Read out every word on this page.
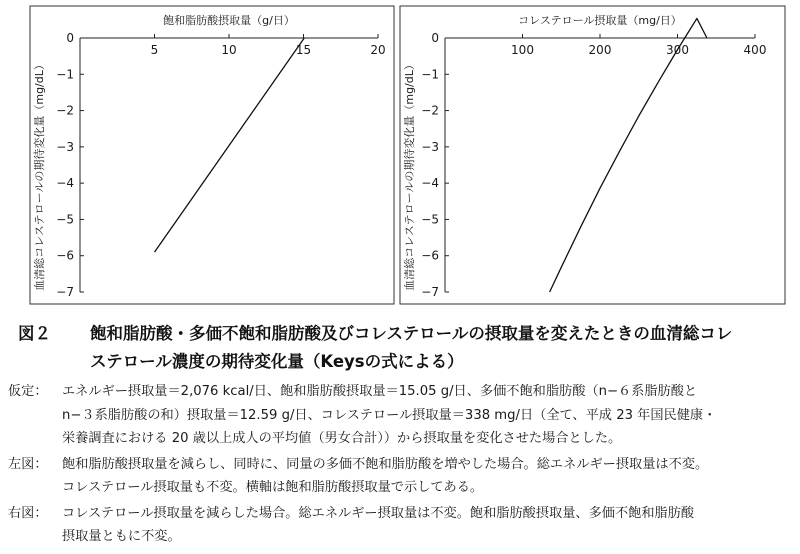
飽和脂肪酸摂取量（g/日）
5	10	15	20
0
−1
−2
−3
−4
−5
−6
−7
血清総コレステロールの期待変化量（mg/dL）
コレステロール摂取量（mg/日）
100	200	300	400
0
−1
−2
−3
−4
−5
−6
−7
血清総コレステロールの期待変化量（mg/dL）
図２ 飽和脂肪酸・多価不飽和脂肪酸及びコレステロールの摂取量を変えたときの血清総コレ
ステロール濃度の期待変化量（Keysの式による）
仮定：	エネルギー摂取量＝2,076 kcal/日、飽和脂肪酸摂取量＝15.05 g/日、多価不飽和脂肪酸（n−６系脂肪酸と
n−３系脂肪酸の和）摂取量＝12.59 g/日、コレステロール摂取量＝338 mg/日（全て、平成 23 年国民健康・
栄養調査における 20 歳以上成人の平均値（男女合計））から摂取量を変化させた場合とした。
左図：	飽和脂肪酸摂取量を減らし、同時に、同量の多価不飽和脂肪酸を増やした場合。総エネルギー摂取量は不変。
コレステロール摂取量も不変。横軸は飽和脂肪酸摂取量で示してある。
右図：	コレステロール摂取量を減らした場合。総エネルギー摂取量は不変。飽和脂肪酸摂取量、多価不飽和脂肪酸
摂取量ともに不変。
